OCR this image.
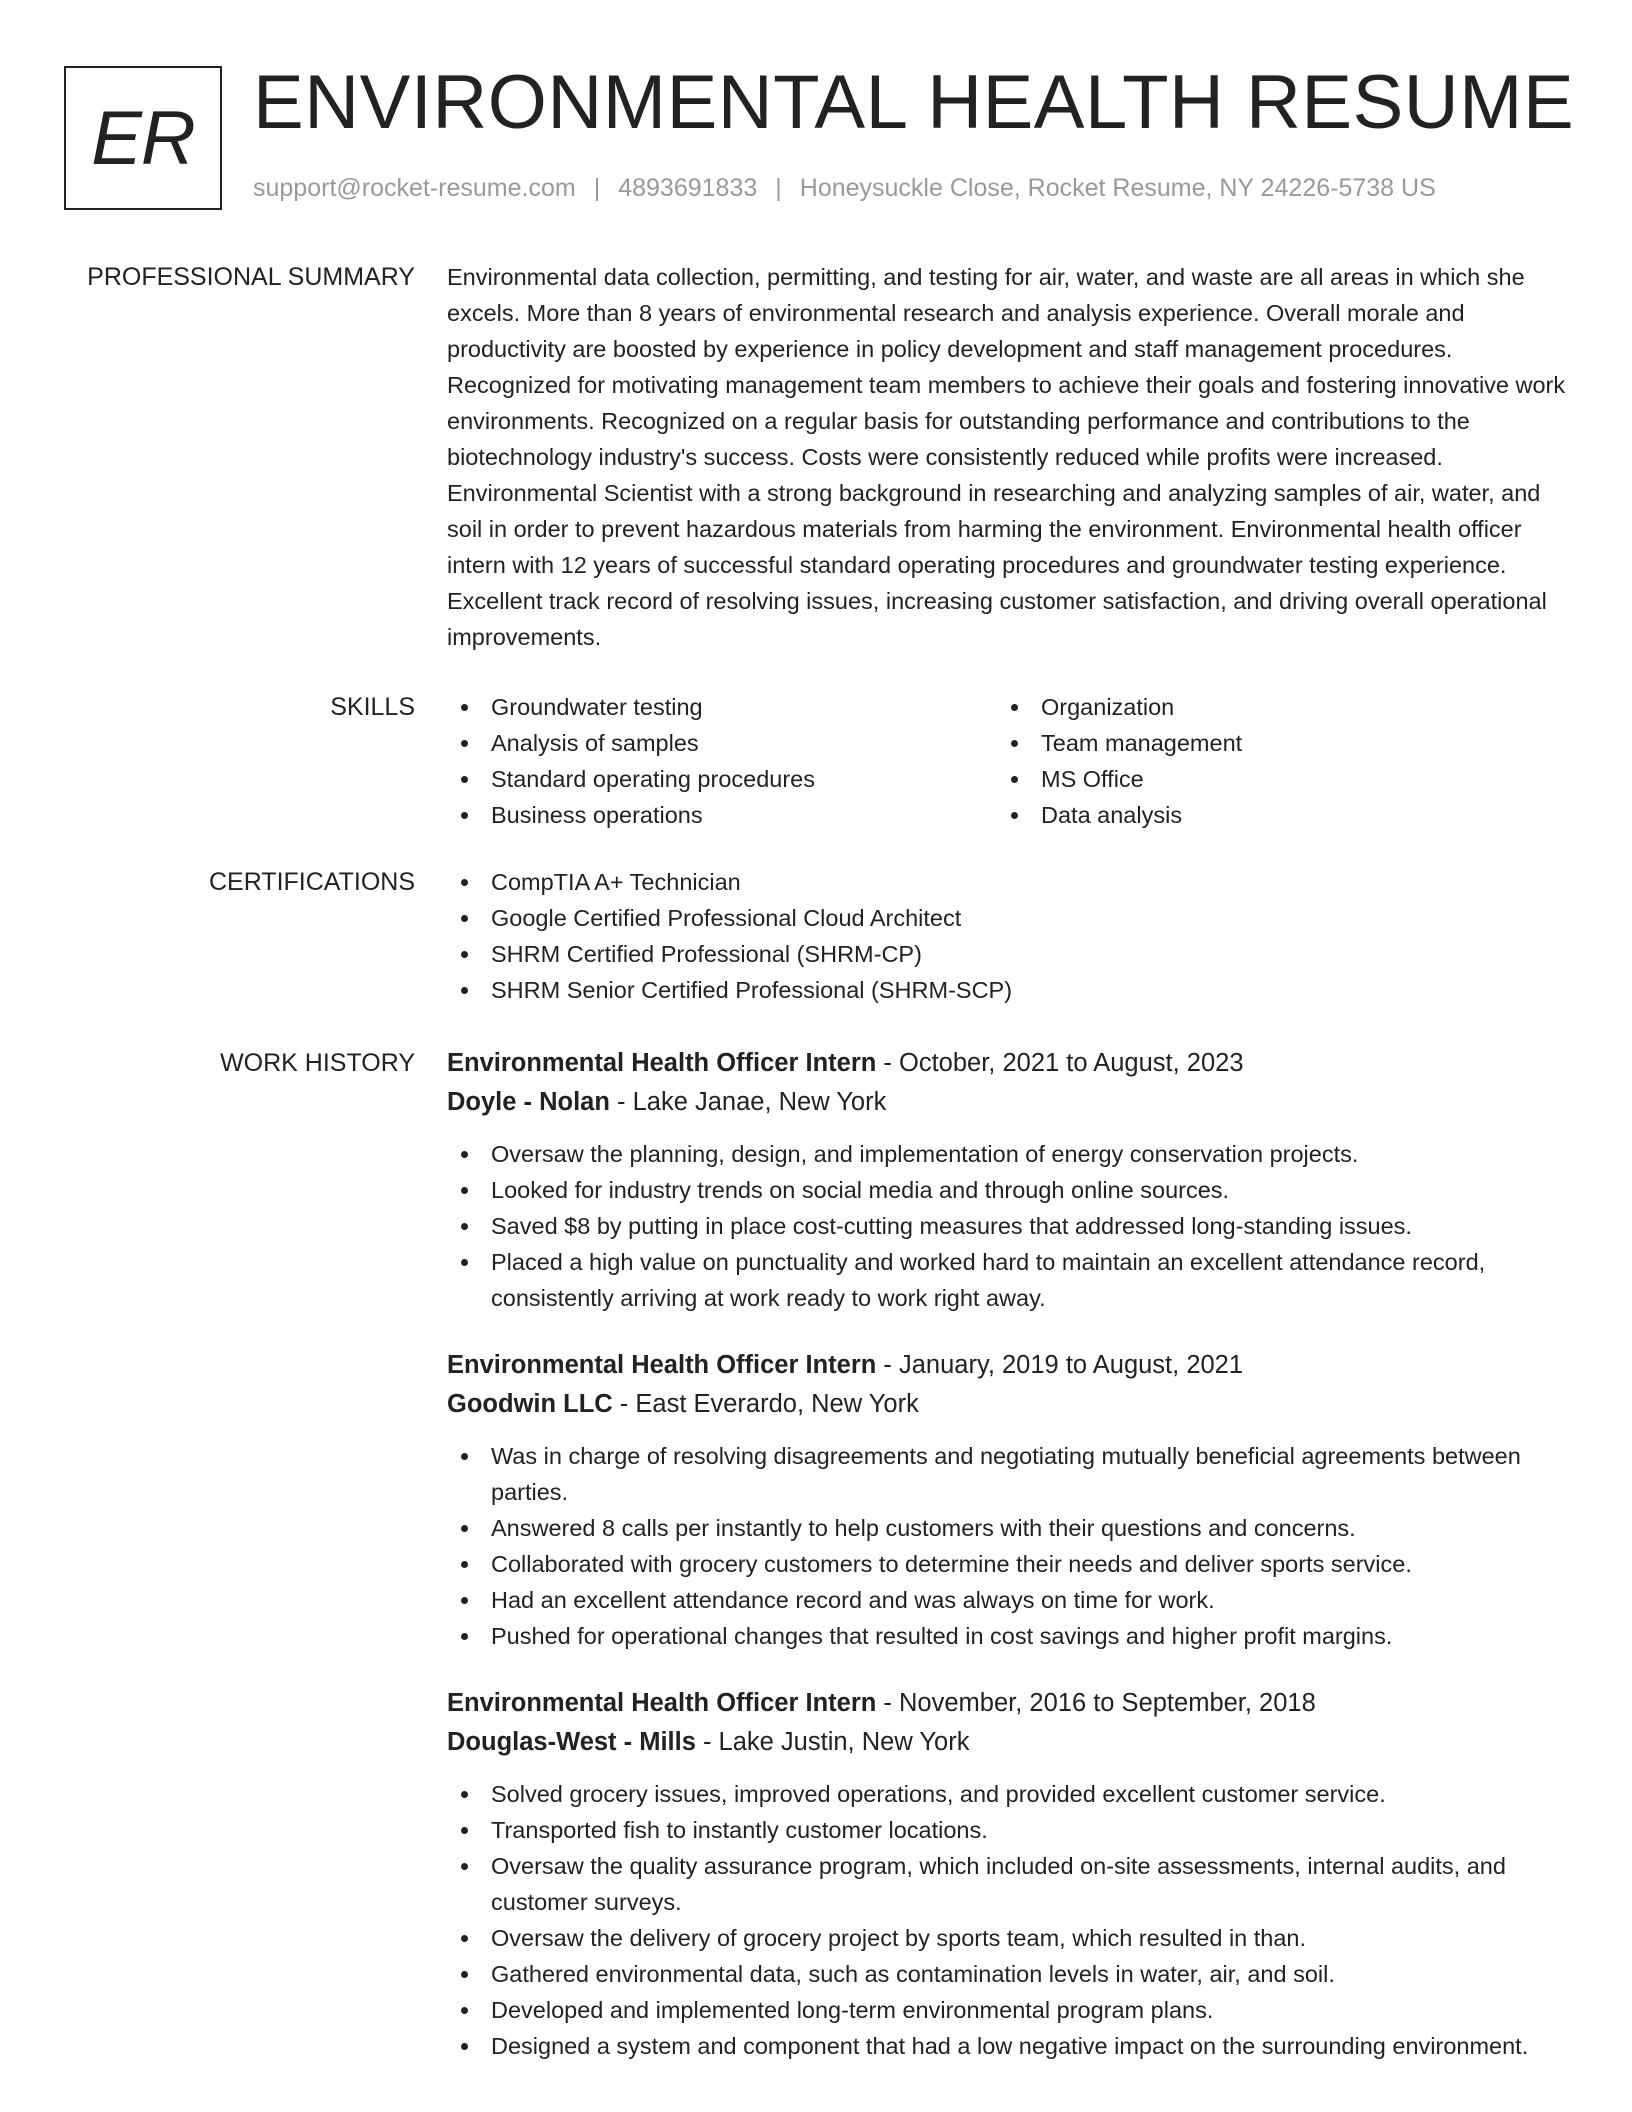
ER ENVIRONMENTAL HEALTH RESUME
support@rocket-resume.com | 4893691833 | Honeysuckle Close, Rocket Resume, NY 24226-5738 US
PROFESSIONAL SUMMARY Environmental data collection, permitting, and testing for air, water, and waste are all areas in which she excels. More than 8 years of environmental research and analysis experience. Overall morale and productivity are boosted by experience in policy development and staff management procedures. Recognized for motivating management team members to achieve their goals and fostering innovative work environments. Recognized on a regular basis for outstanding performance and contributions to the biotechnology industry's success. Costs were consistently reduced while profits were increased. Environmental Scientist with a strong background in researching and analyzing samples of air, water, and soil in order to prevent hazardous materials from harming the environment. Environmental health officer intern with 12 years of successful standard operating procedures and groundwater testing experience. Excellent track record of resolving issues, increasing customer satisfaction, and driving overall operational improvements.

SKILLS	Groundwater testing
Analysis of samples
Standard operating procedures
Business operations
Organization
Team management
MS Office
Data analysis
CERTIFICATIONS	CompTIA A+ Technician
Google Certified Professional Cloud Architect
SHRM Certified Professional (SHRM-CP)
SHRM Senior Certified Professional (SHRM-SCP)
WORK HISTORY Environmental Health Officer Intern - October, 2021 to August, 2023
Doyle - Nolan - Lake Janae, New York
Oversaw the planning, design, and implementation of energy conservation projects.
Looked for industry trends on social media and through online sources.
Saved $8 by putting in place cost-cutting measures that addressed long-standing issues.
Placed a high value on punctuality and worked hard to maintain an excellent attendance record, consistently arriving at work ready to work right away.
Environmental Health Officer Intern - January, 2019 to August, 2021
Goodwin LLC - East Everardo, New York
Was in charge of resolving disagreements and negotiating mutually beneficial agreements between parties.
Answered 8 calls per instantly to help customers with their questions and concerns.
Collaborated with grocery customers to determine their needs and deliver sports service.
Had an excellent attendance record and was always on time for work.
Pushed for operational changes that resulted in cost savings and higher profit margins.
Environmental Health Officer Intern - November, 2016 to September, 2018
Douglas-West - Mills - Lake Justin, New York
Solved grocery issues, improved operations, and provided excellent customer service.
Transported fish to instantly customer locations.
Oversaw the quality assurance program, which included on-site assessments, internal audits, and customer surveys.
Oversaw the delivery of grocery project by sports team, which resulted in than.
Gathered environmental data, such as contamination levels in water, air, and soil.
Developed and implemented long-term environmental program plans.
Designed a system and component that had a low negative impact on the surrounding environment.
